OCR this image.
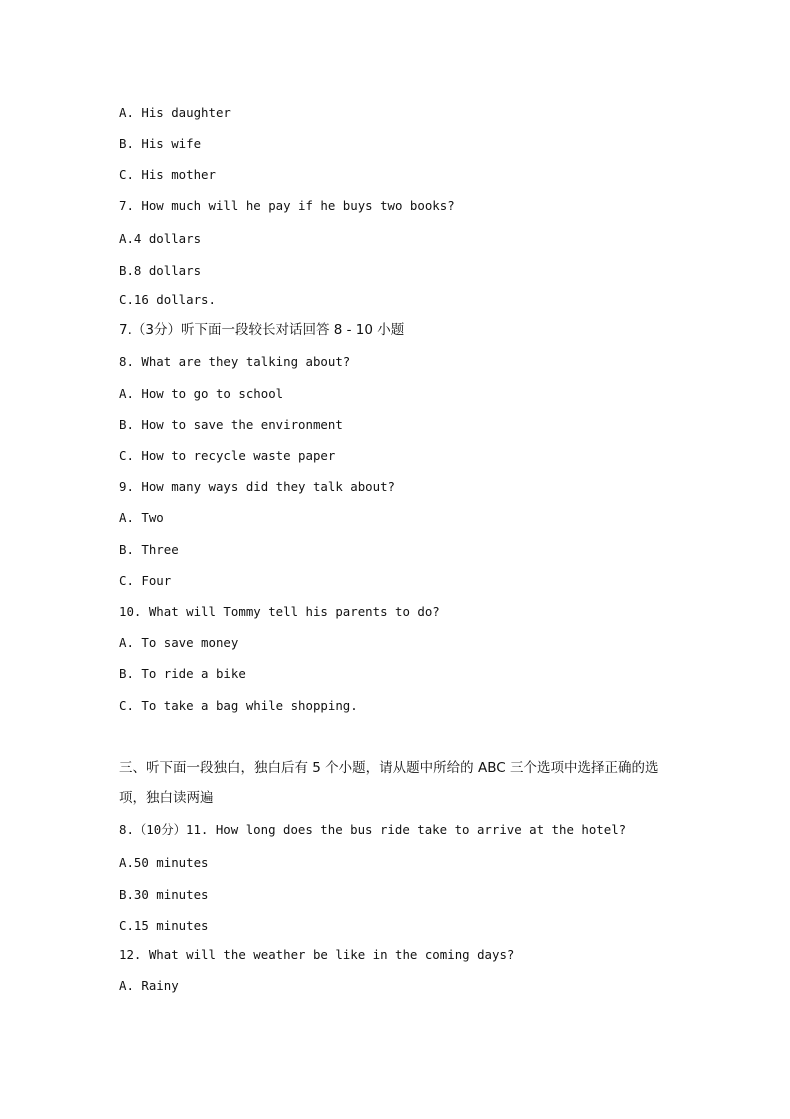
A. His daughter
B. His wife
C. His mother
7. How much will he pay if he buys two books?
A.4 dollars
B.8 dollars
C.16 dollars.
7.（3分）听下面一段较长对话回答 8 - 10 小题
8. What are they talking about?
A. How to go to school
B. How to save the environment
C. How to recycle waste paper
9. How many ways did they talk about?
A. Two
B. Three
C. Four
10. What will Tommy tell his parents to do?
A. To save money
B. To ride a bike
C. To take a bag while shopping.
三、听下面一段独白，独白后有 5 个小题，请从题中所给的 ABC 三个选项中选择正确的选
项，独白读两遍
8.（10分）11. How long does the bus ride take to arrive at the hotel?
A.50 minutes
B.30 minutes
C.15 minutes
12. What will the weather be like in the coming days?
A. Rainy
